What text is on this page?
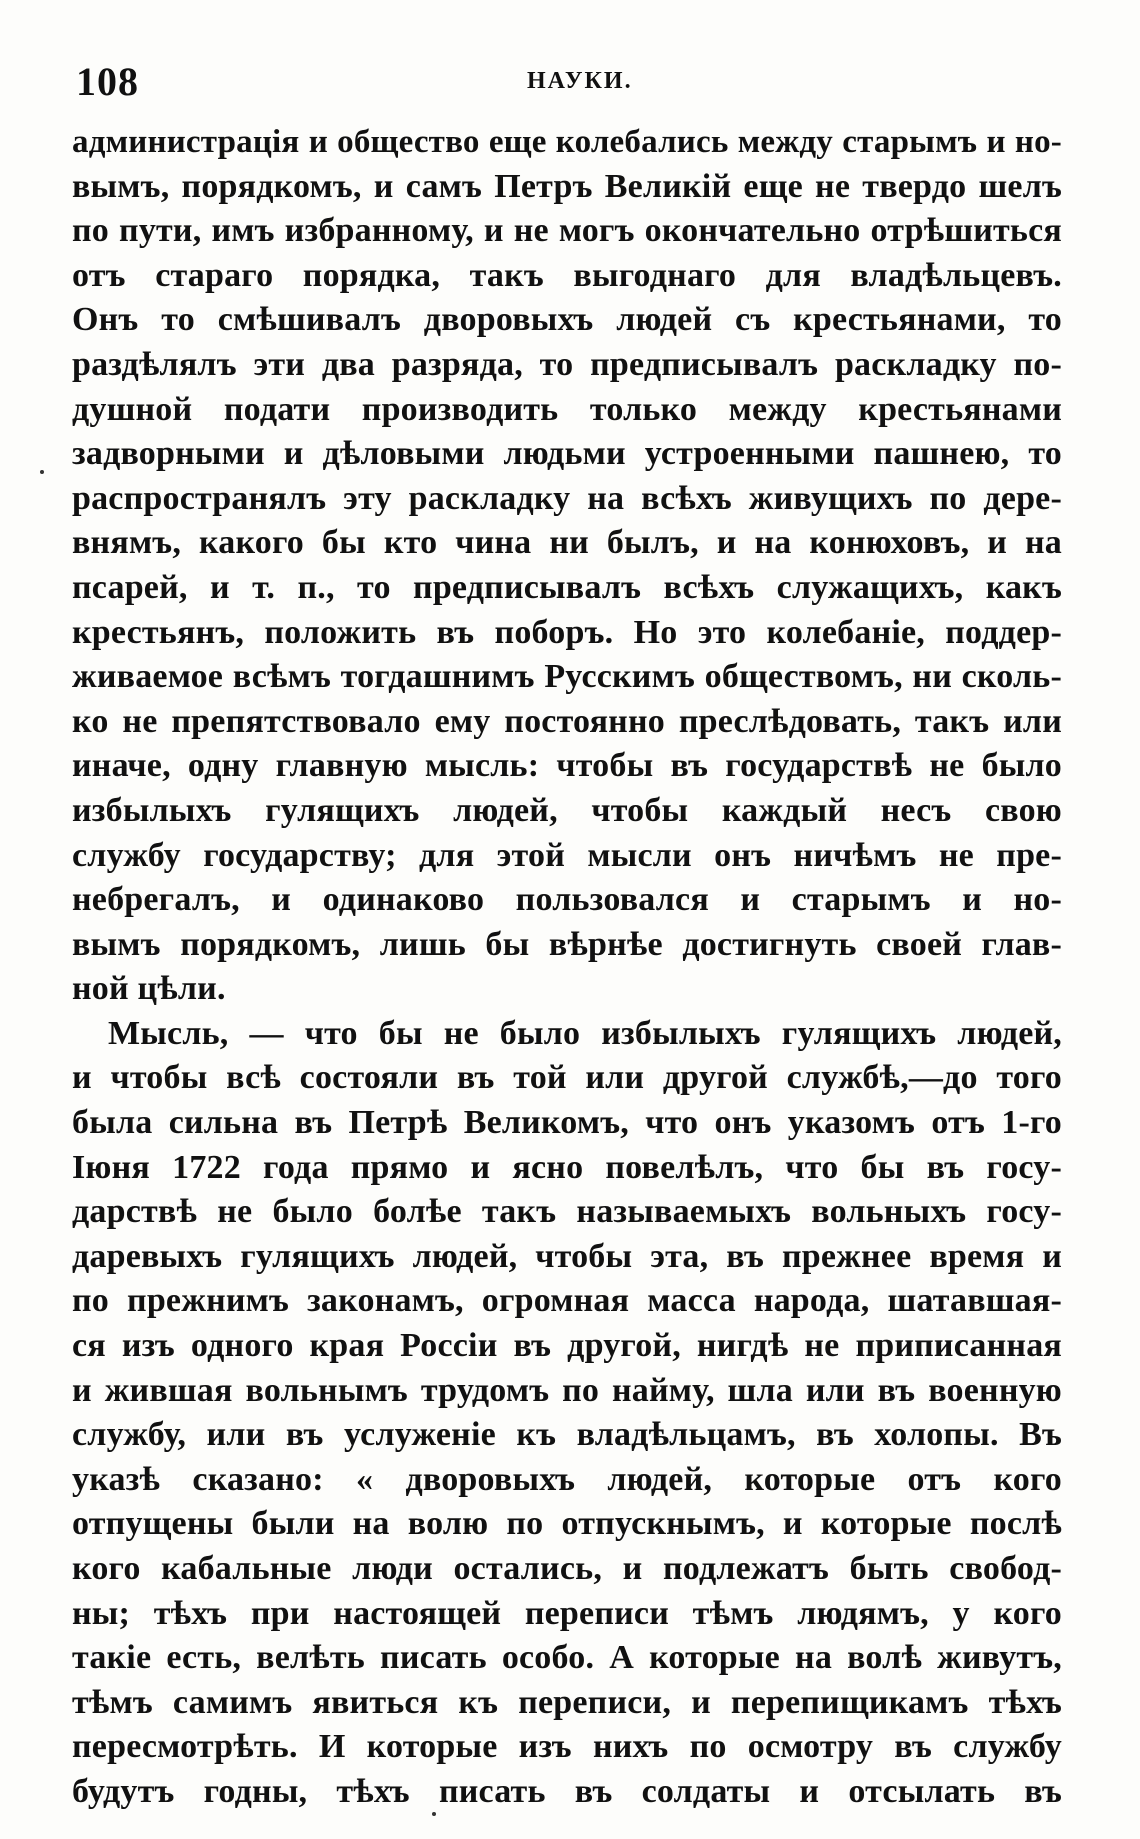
108	НАУКИ.
администрація и общество еще колебались между старымъ и но-
вымъ, порядкомъ, и самъ Петръ Великій еще не твердо шелъ
по пути, имъ избранному, и не могъ окончательно отрѣшиться
отъ стараго порядка, такъ выгоднаго для владѣльцевъ.
Онъ то смѣшивалъ дворовыхъ людей съ крестьянами, то
раздѣлялъ эти два разряда, то предписывалъ раскладку по-
душной подати производить только между крестьянами
задворными и дѣловыми людьми устроенными пашнею, то
распространялъ эту раскладку на всѣхъ живущихъ по дере-
внямъ, какого бы кто чина ни былъ, и на конюховъ, и на
псарей, и т. п., то предписывалъ всѣхъ служащихъ, какъ
крестьянъ, положить въ поборъ. Но это колебаніе, поддер-
живаемое всѣмъ тогдашнимъ Русскимъ обществомъ, ни сколь-
ко не препятствовало ему постоянно преслѣдовать, такъ или
иначе, одну главную мысль: чтобы въ государствѣ не было
избылыхъ гулящихъ людей, чтобы каждый несъ свою
службу государству; для этой мысли онъ ничѣмъ не пре-
небрегалъ, и одинаково пользовался и старымъ и но-
вымъ порядкомъ, лишь бы вѣрнѣе достигнуть своей глав-
ной цѣли.
Мысль, — что бы не было избылыхъ гулящихъ людей,
и чтобы всѣ состояли въ той или другой службѣ,—до того
была сильна въ Петрѣ Великомъ, что онъ указомъ отъ 1-го
Іюня 1722 года прямо и ясно повелѣлъ, что бы въ госу-
дарствѣ не было болѣе такъ называемыхъ вольныхъ госу-
даревыхъ гулящихъ людей, чтобы эта, въ прежнее время и
по прежнимъ законамъ, огромная масса народа, шатавшая-
ся изъ одного края Россіи въ другой, нигдѣ не приписанная
и жившая вольнымъ трудомъ по найму, шла или въ военную
службу, или въ услуженіе къ владѣльцамъ, въ холопы. Въ
указѣ сказано: « дворовыхъ людей, которые отъ кого
отпущены были на волю по отпускнымъ, и которые послѣ
кого кабальные люди остались, и подлежатъ быть свобод-
ны; тѣхъ при настоящей переписи тѣмъ людямъ, у кого
такіе есть, велѣть писать особо. А которые на волѣ живутъ,
тѣмъ самимъ явиться къ переписи, и перепищикамъ тѣхъ
пересмотрѣть. И которые изъ нихъ по осмотру въ службу
будутъ годны, тѣхъ писать въ солдаты и отсылать въ
